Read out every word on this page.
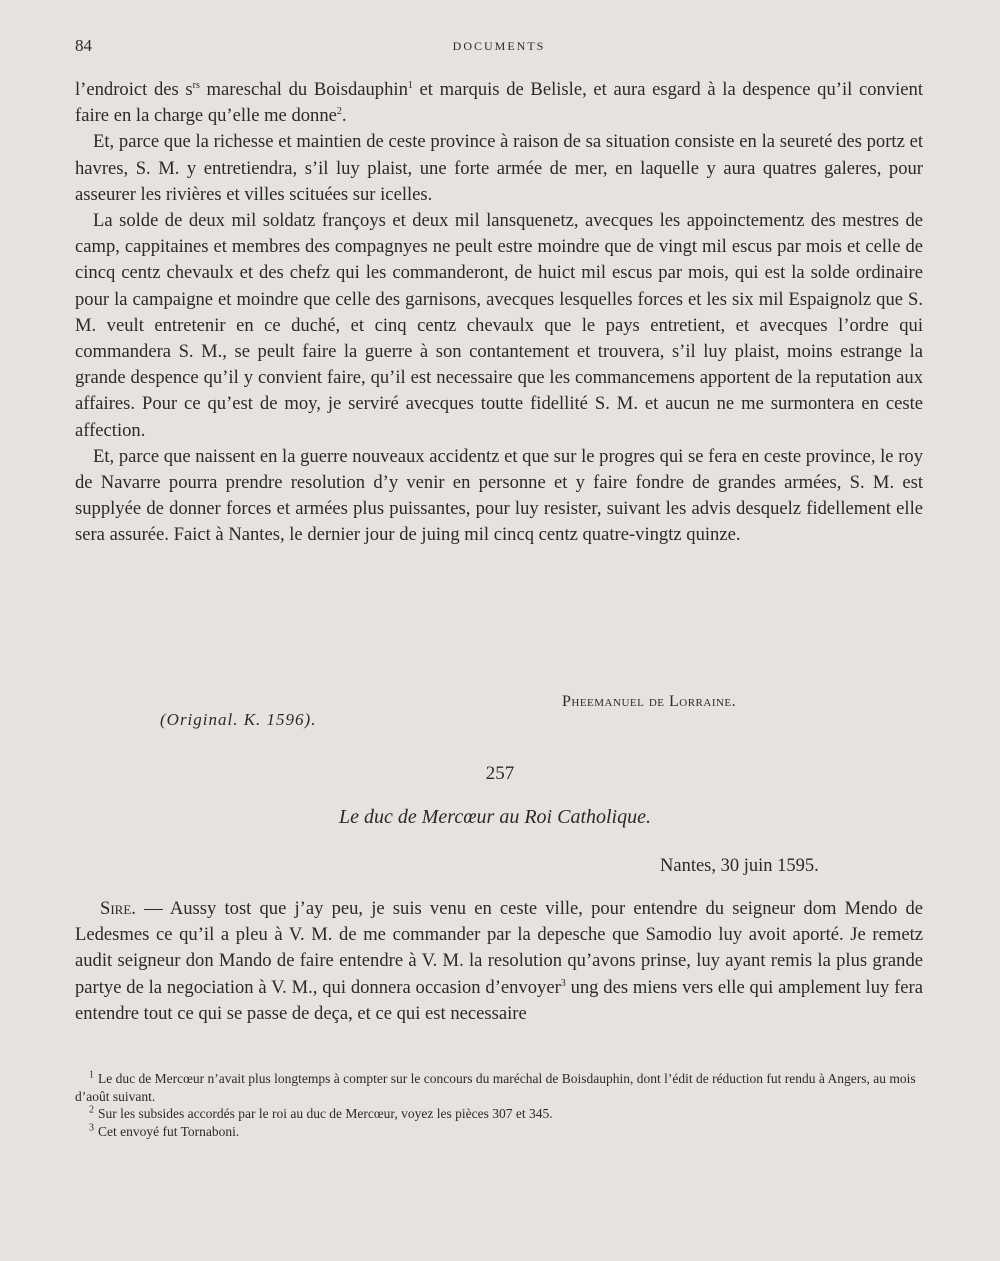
84	DOCUMENTS

l’endroict des $s^{rs}$ mareschal du Boisdauphin$^1$ et marquis de Belisle, et aura esgard à la despence qu’il convient faire en la charge qu’elle me donne$^2$.

Et, parce que la richesse et maintien de ceste province à raison de sa situation consiste en la seureté des portz et havres, S. M. y entretiendra, s’il luy plaist, une forte armée de mer, en laquelle y aura quatres galeres, pour asseurer les rivières et villes scituées sur icelles.

La solde de deux mil soldatz françoys et deux mil lansquenetz, avecques les appoinctementz des mestres de camp, cappitaines et membres des compagnyes ne peult estre moindre que de vingt mil escus par mois et celle de cincq centz chevaulx et des chefz qui les commanderont, de huict mil escus par mois, qui est la solde ordinaire pour la campaigne et moindre que celle des garnisons, avecques lesquelles forces et les six mil Espaignolz que S. M. veult entretenir en ce duché, et cinq centz chevaulx que le pays entretient, et avecques l’ordre qui commandera S. M., se peult faire la guerre à son contantement et trouvera, s’il luy plaist, moins estrange la grande despence qu’il y convient faire, qu’il est necessaire que les commancemens apportent de la reputation aux affaires. Pour ce qu’est de moy, je serviré avecques toutte fidellité S. M. et aucun ne me surmontera en ceste affection.

Et, parce que naissent en la guerre nouveaux accidentz et que sur le progres qui se fera en ceste province, le roy de Navarre pourra prendre resolution d’y venir en personne et y faire fondre de grandes armées, S. M. est supplyée de donner forces et armées plus puissantes, pour luy resister, suivant les advis desquelz fidellement elle sera assurée. Faict à Nantes, le dernier jour de juing mil cincq centz quatre-vingtz quinze.

Pheemanuel de Lorraine.
(Original. K. 1596).
257
Le duc de Mercœur au Roi Catholique.
Nantes, 30 juin 1595.

Sire. — Aussy tost que j’ay peu, je suis venu en ceste ville, pour entendre du seigneur dom Mendo de Ledesmes ce qu’il a pleu à V. M. de me commander par la depesche que Samodio luy avoit aporté. Je remetz audit seigneur don Mando de faire entendre à V. M. la resolution qu’avons prinse, luy ayant remis la plus grande partye de la negociation à V. M., qui donnera occasion d’envoyer$^3$ ung des miens vers elle qui amplement luy fera entendre tout ce qui se passe de deça, et ce qui est necessaire

$^1$ Le duc de Mercœur n’avait plus longtemps à compter sur le concours du maréchal de Boisdauphin, dont l’édit de réduction fut rendu à Angers, au mois d’août suivant.

$^2$ Sur les subsides accordés par le roi au duc de Mercœur, voyez les pièces 307 et 345.

$^3$ Cet envoyé fut Tornaboni.
